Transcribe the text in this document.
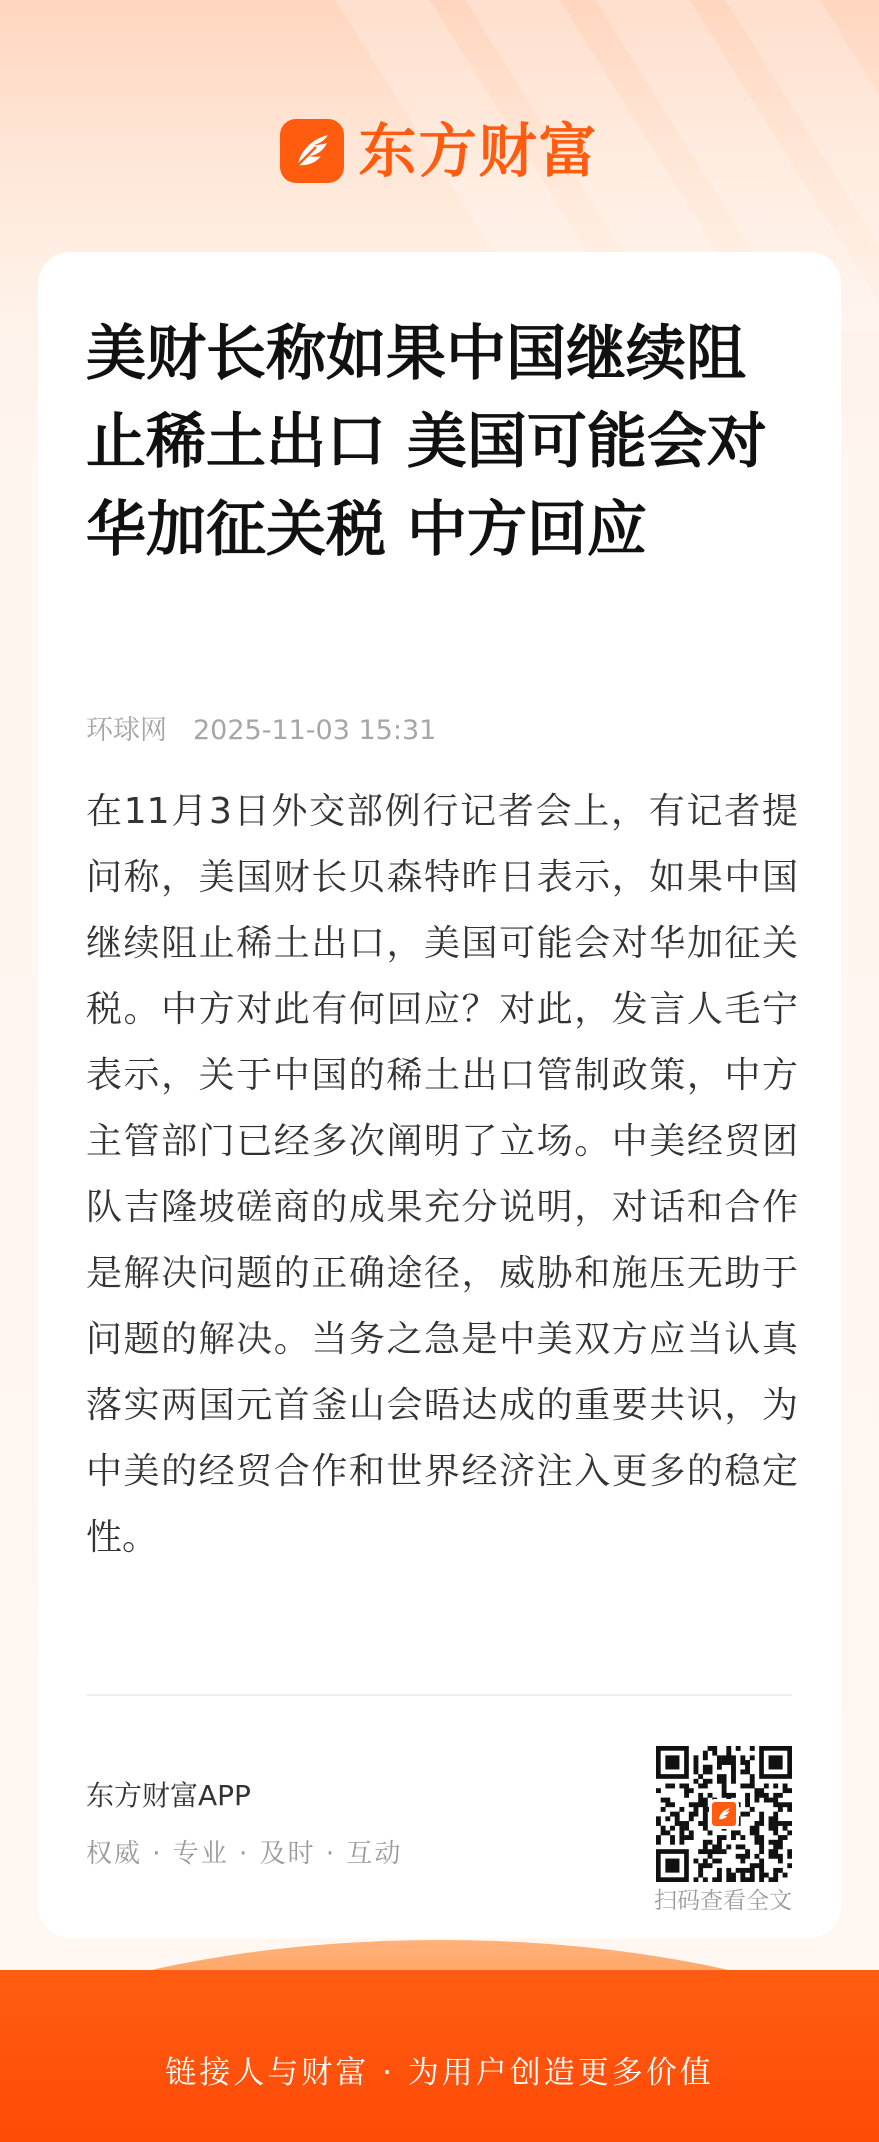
东方财富
美财长称如果中国继续阻止稀土出口 美国可能会对华加征关税 中方回应
环球网 2025-11-03 15:31

在11月3日外交部例行记者会上，有记者提问称，美国财长贝森特昨日表示，如果中国继续阻止稀土出口，美国可能会对华加征关税。中方对此有何回应？对此，发言人毛宁表示，关于中国的稀土出口管制政策，中方主管部门已经多次阐明了立场。中美经贸团队吉隆坡磋商的成果充分说明，对话和合作是解决问题的正确途径，威胁和施压无助于问题的解决。当务之急是中美双方应当认真落实两国元首釜山会晤达成的重要共识，为中美的经贸合作和世界经济注入更多的稳定性。

东方财富APP
权威 · 专业 · 及时 · 互动
扫码查看全文
链接人与财富 · 为用户创造更多价值
